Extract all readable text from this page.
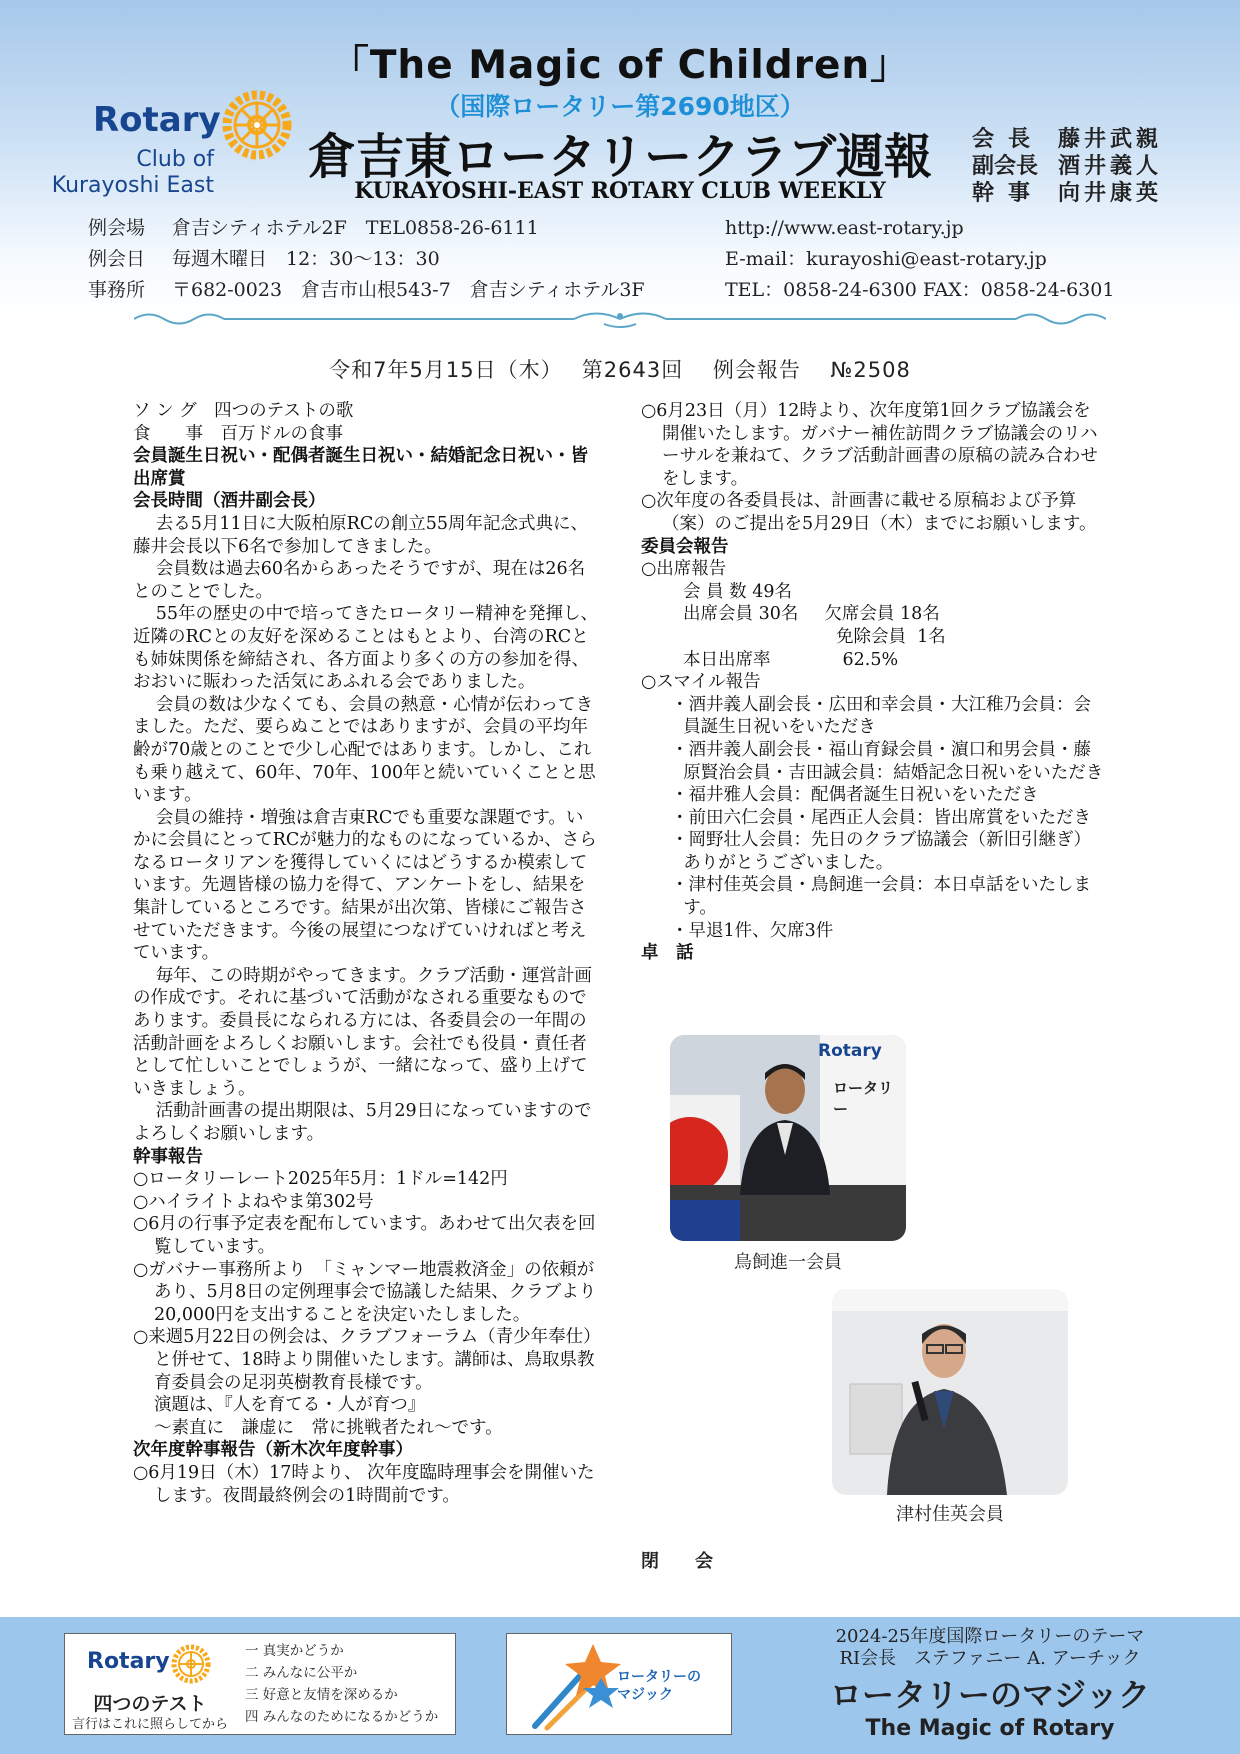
Rotary
Club of
Kurayoshi East
「The Magic of Children」
（国際ロータリー第2690地区）
倉吉東ロータリークラブ週報
KURAYOSHI-EAST ROTARY CLUB WEEKLY
会長 藤井武親
副会長 酒井義人
幹事 向井康英
例会場	倉吉シティホテル2F　TEL0858-26-6111
例会日	毎週木曜日　12：30～13：30
事務所	〒682-0023　倉吉市山根543-7　倉吉シティホテル3F
http://www.east-rotary.jp
E-mail：kurayoshi@east-rotary.jp
TEL：0858-24-6300 FAX：0858-24-6301
令和7年5月15日（木）　 第2643回　 例会報告　 №2508

ソ ン グ　四つのテストの歌

食　　事　百万ドルの食事

会員誕生日祝い・配偶者誕生日祝い・結婚記念日祝い・皆出席賞

会長時間（酒井副会長）

去る5月11日に大阪柏原RCの創立55周年記念式典に、藤井会長以下6名で参加してきました。

会員数は過去60名からあったそうですが、現在は26名とのことでした。

55年の歴史の中で培ってきたロータリー精神を発揮し、近隣のRCとの友好を深めることはもとより、台湾のRCとも姉妹関係を締結され、各方面より多くの方の参加を得、おおいに賑わった活気にあふれる会でありました。

会員の数は少なくても、会員の熱意・心情が伝わってきました。ただ、要らぬことではありますが、会員の平均年齢が70歳とのことで少し心配ではあります。しかし、これも乗り越えて、60年、70年、100年と続いていくことと思います。

会員の維持・増強は倉吉東RCでも重要な課題です。いかに会員にとってRCが魅力的なものになっているか、さらなるロータリアンを獲得していくにはどうするか模索しています。先週皆様の協力を得て、アンケートをし、結果を集計しているところです。結果が出次第、皆様にご報告させていただきます。今後の展望につなげていければと考えています。

毎年、この時期がやってきます。クラブ活動・運営計画の作成です。それに基づいて活動がなされる重要なものであります。委員長になられる方には、各委員会の一年間の活動計画をよろしくお願いします。会社でも役員・責任者として忙しいことでしょうが、一緒になって、盛り上げていきましょう。

活動計画書の提出期限は、5月29日になっていますのでよろしくお願いします。

幹事報告

○ロータリーレート2025年5月：1ドル=142円

○ハイライトよねやま第302号

○6月の行事予定表を配布しています。あわせて出欠表を回覧しています。

○ガバナー事務所より　「ミャンマー地震救済金」の依頼があり、5月8日の定例理事会で協議した結果、クラブより20,000円を支出することを決定いたしました。

○来週5月22日の例会は、クラブフォーラム（青少年奉仕）と併せて、18時より開催いたします。講師は、鳥取県教育委員会の足羽英樹教育長様です。

演題は、『人を育てる・人が育つ』

～素直に　謙虚に　常に挑戦者たれ～です。

次年度幹事報告（新木次年度幹事）

○6月19日（木）17時より、 次年度臨時理事会を開催いたします。夜間最終例会の1時間前です。

○6月23日（月）12時より、次年度第1回クラブ協議会を開催いたします。ガバナー補佐訪問クラブ協議会のリハーサルを兼ねて、クラブ活動計画書の原稿の読み合わせをします。

○次年度の各委員長は、計画書に載せる原稿および予算（案）のご提出を5月29日（木）までにお願いします。

委員会報告

○出席報告

会 員 数 49名

出席会員 30名 欠席会員 18名

免除会員 1名

本日出席率	62.5%

○スマイル報告

・酒井義人副会長・広田和幸会員・大江稚乃会員：会員誕生日祝いをいただき

・酒井義人副会長・福山育録会員・濵口和男会員・藤原賢治会員・吉田誠会員：結婚記念日祝いをいただき

・福井雅人会員：配偶者誕生日祝いをいただき

・前田六仁会員・尾西正人会員：皆出席賞をいただき

・岡野壮人会員：先日のクラブ協議会（新旧引継ぎ）ありがとうございました。

・津村佳英会員・鳥飼進一会員：本日卓話をいたします。

・早退1件、欠席3件

卓　話

Rotary
ロータリー
鳥飼進一会員
津村佳英会員
閉　　会
Rotary
四つのテスト
言行はこれに照らしてから
一 真実かどうか
二 みんなに公平か
三 好意と友情を深めるか
四 みんなのためになるかどうか
ロータリーの
マジック
2024-25年度国際ロータリーのテーマ
RI会長　ステファニー A. アーチック
ロータリーのマジック
The Magic of Rotary
